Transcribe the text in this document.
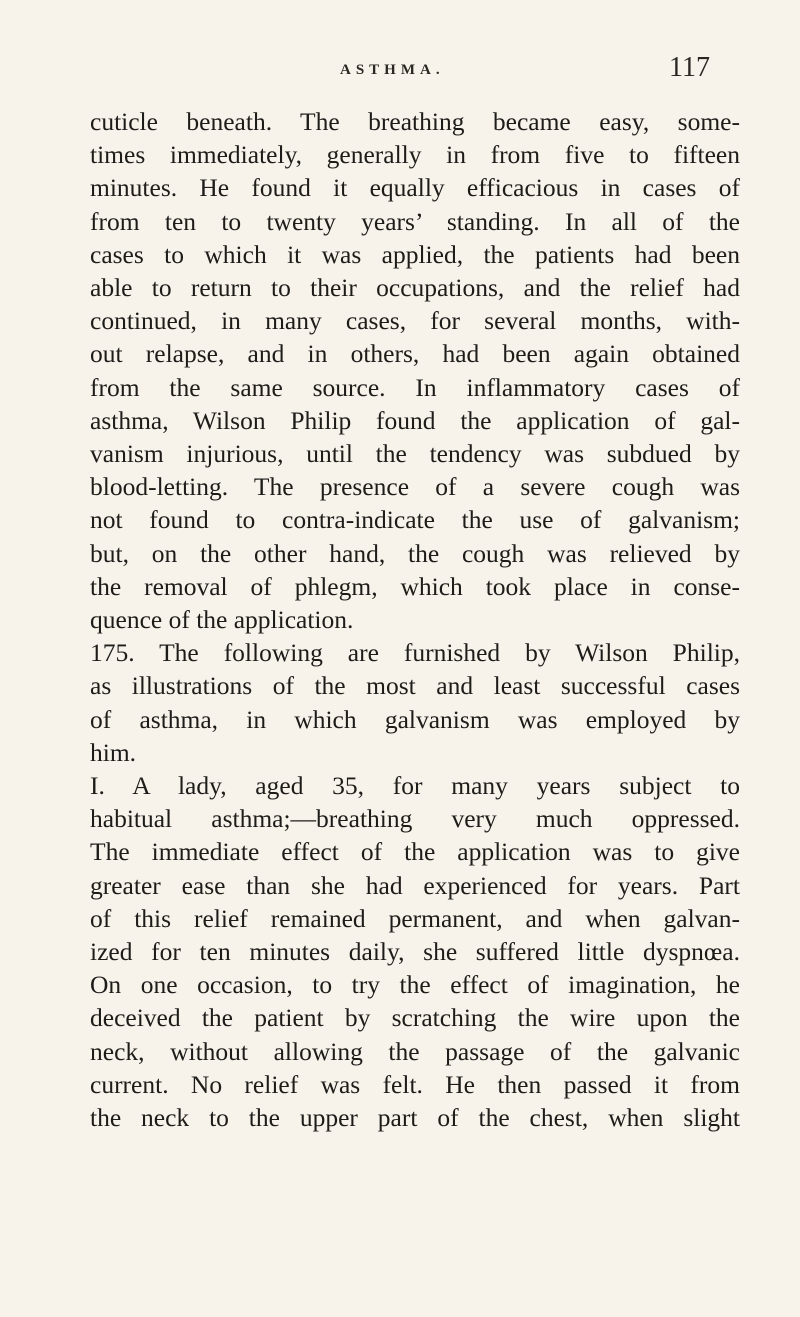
ASTHMA.	117
cuticle beneath. The breathing became easy, some-
times immediately, generally in from five to fifteen
minutes. He found it equally efficacious in cases of
from ten to twenty years’ standing. In all of the
cases to which it was applied, the patients had been
able to return to their occupations, and the relief had
continued, in many cases, for several months, with-
out relapse, and in others, had been again obtained
from the same source. In inflammatory cases of
asthma, Wilson Philip found the application of gal-
vanism injurious, until the tendency was subdued by
blood-letting. The presence of a severe cough was
not found to contra-indicate the use of galvanism;
but, on the other hand, the cough was relieved by
the removal of phlegm, which took place in conse-
quence of the application.
175. The following are furnished by Wilson Philip,
as illustrations of the most and least successful cases
of asthma, in which galvanism was employed by
him.
I. A lady, aged 35, for many years subject to
habitual asthma;—breathing very much oppressed.
The immediate effect of the application was to give
greater ease than she had experienced for years. Part
of this relief remained permanent, and when galvan-
ized for ten minutes daily, she suffered little dyspnœa.
On one occasion, to try the effect of imagination, he
deceived the patient by scratching the wire upon the
neck, without allowing the passage of the galvanic
current. No relief was felt. He then passed it from
the neck to the upper part of the chest, when slight
